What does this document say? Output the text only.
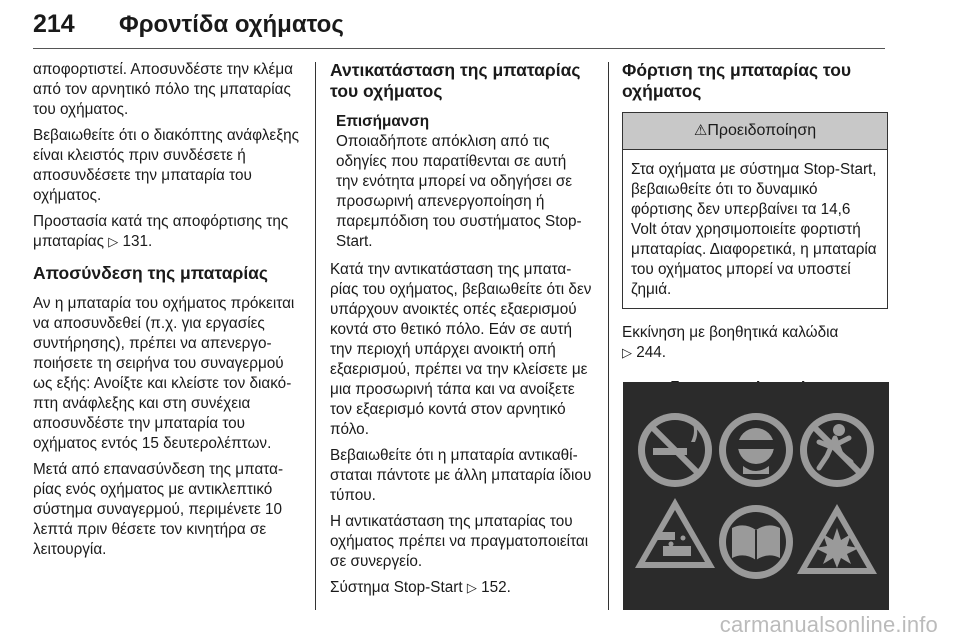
214 Φροντίδα οχήματος

αποφορτιστεί. Αποσυνδέστε την κλέμα από τον αρνητικό πόλο της μπαταρίας του οχήματος.

Βεβαιωθείτε ότι ο διακόπτης ανάφλεξης είναι κλειστός πριν συνδέσετε ή αποσυνδέσετε την μπαταρία του οχήματος.

Προστασία κατά της αποφόρτισης της μπαταρίας ▷ 131.

Αποσύνδεση της μπαταρίας

Αν η μπαταρία του οχήματος πρόκειται να αποσυνδεθεί (π.χ. για εργασίες συντήρησης), πρέπει να απενεργοποιήσετε τη σειρήνα του συναγερμού ως εξής: Ανοίξτε και κλείστε τον διακόπτη ανάφλεξης και στη συνέχεια αποσυνδέστε την μπαταρία του οχήματος εντός 15 δευτερολέπτων.

Μετά από επανασύνδεση της μπαταρίας ενός οχήματος με αντικλεπτικό σύστημα συναγερμού, περιμένετε 10 λεπτά πριν θέσετε τον κινητήρα σε λειτουργία.

Αντικατάσταση της μπαταρίας του οχήματος
Επισήμανση
Οποιαδήποτε απόκλιση από τις οδηγίες που παρατίθενται σε αυτή την ενότητα μπορεί να οδηγήσει σε προσωρινή απενεργοποίηση ή παρεμπόδιση του συστήματος Stop-Start.

Κατά την αντικατάσταση της μπαταρίας του οχήματος, βεβαιωθείτε ότι δεν υπάρχουν ανοικτές οπές εξαερισμού κοντά στο θετικό πόλο. Εάν σε αυτή την περιοχή υπάρχει ανοικτή οπή εξαερισμού, πρέπει να την κλείσετε με μια προσωρινή τάπα και να ανοίξετε τον εξαερισμό κοντά στον αρνητικό πόλο.

Βεβαιωθείτε ότι η μπαταρία αντικαθίσταται πάντοτε με άλλη μπαταρία ίδιου τύπου.

Η αντικατάσταση της μπαταρίας του οχήματος πρέπει να πραγματοποιείται σε συνεργείο.

Σύστημα Stop-Start ▷ 152.

Φόρτιση της μπαταρίας του οχήματος
⚠Προειδοποίηση
Στα οχήματα με σύστημα Stop-Start, βεβαιωθείτε ότι το δυναμικό φόρτισης δεν υπερβαίνει τα 14,6 Volt όταν χρησιμοποιείτε φορτιστή μπαταρίας. Διαφορετικά, η μπαταρία του οχήματος μπορεί να υποστεί ζημιά.

Εκκίνηση με βοηθητικά καλώδια
▷ 244.

carmanualsonline.info
